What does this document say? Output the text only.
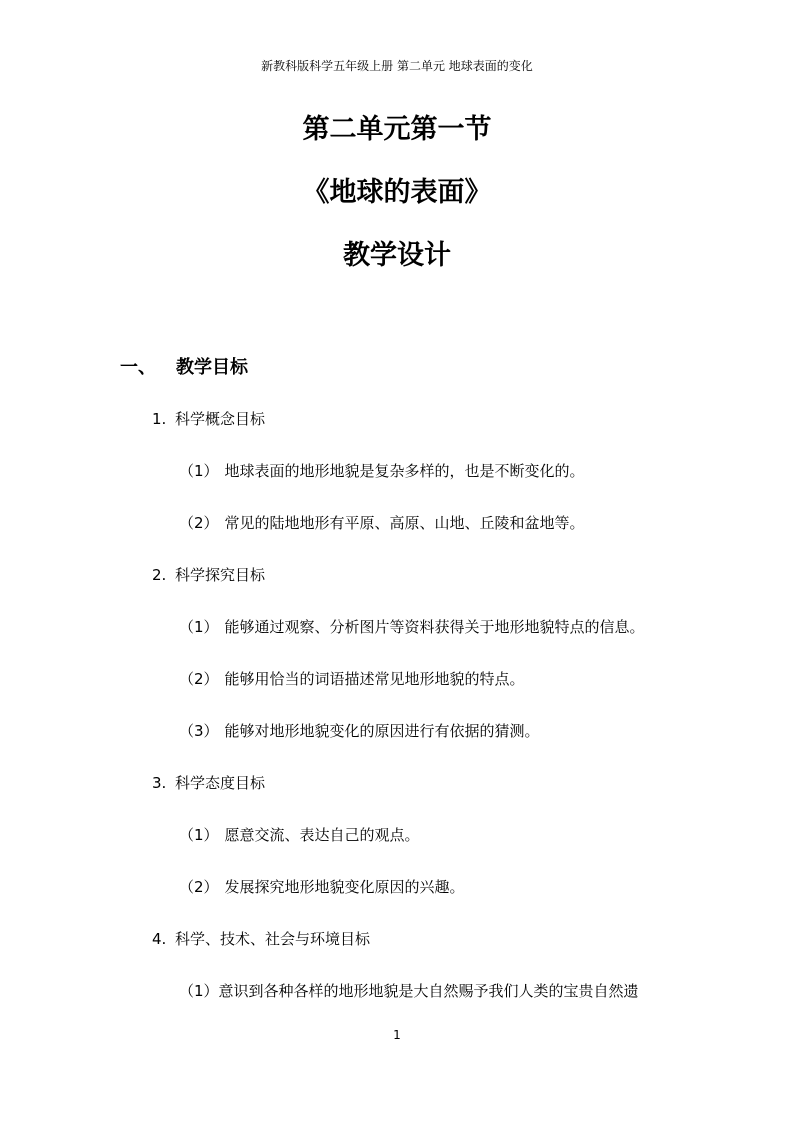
新教科版科学五年级上册 第二单元 地球表面的变化
第二单元第一节
《地球的表面》
教学设计
一、 教学目标
1. 科学概念目标
（1） 地球表面的地形地貌是复杂多样的，也是不断变化的。
（2） 常见的陆地地形有平原、高原、山地、丘陵和盆地等。
2. 科学探究目标
（1） 能够通过观察、分析图片等资料获得关于地形地貌特点的信息。
（2） 能够用恰当的词语描述常见地形地貌的特点。
（3） 能够对地形地貌变化的原因进行有依据的猜测。
3. 科学态度目标
（1） 愿意交流、表达自己的观点。
（2） 发展探究地形地貌变化原因的兴趣。
4. 科学、技术、社会与环境目标
（1）意识到各种各样的地形地貌是大自然赐予我们人类的宝贵自然遗
1
